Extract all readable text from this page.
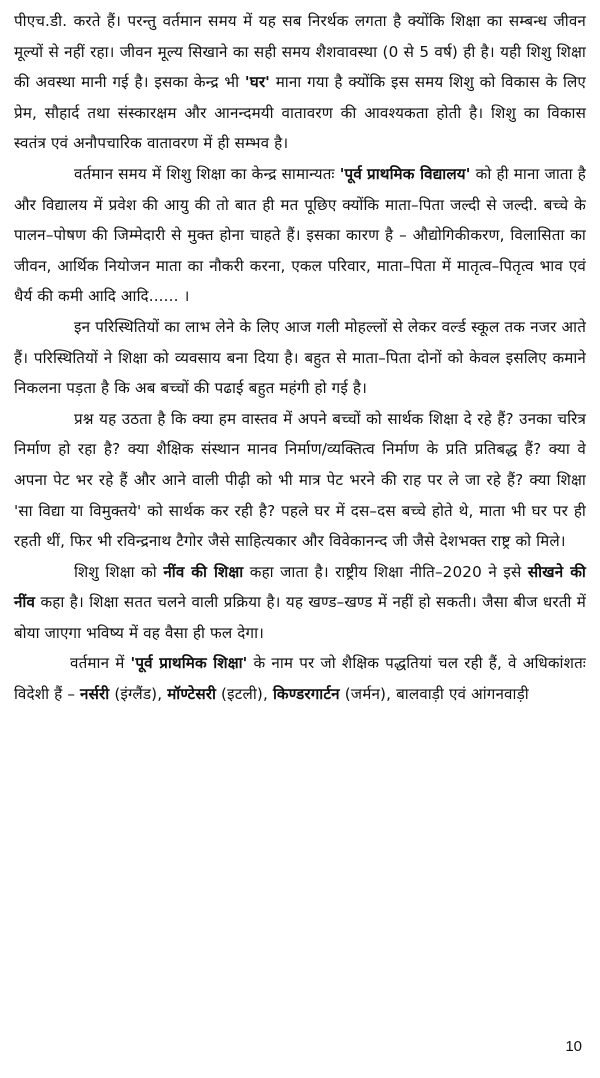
पीएच.डी. करते हैं। परन्तु वर्तमान समय में यह सब निरर्थक लगता है क्योंकि शिक्षा का सम्बन्ध जीवन मूल्यों से नहीं रहा। जीवन मूल्य सिखाने का सही समय शैशवावस्था (0 से 5 वर्ष) ही है। यही शिशु शिक्षा की अवस्था मानी गई है। इसका केन्द्र भी 'घर' माना गया है क्योंकि इस समय शिशु को विकास के लिए प्रेम, सौहार्द तथा संस्कारक्षम और आनन्दमयी वातावरण की आवश्यकता होती है। शिशु का विकास स्वतंत्र एवं अनौपचारिक वातावरण में ही सम्भव है।

वर्तमान समय में शिशु शिक्षा का केन्द्र सामान्यतः 'पूर्व प्राथमिक विद्यालय' को ही माना जाता है और विद्यालय में प्रवेश की आयु की तो बात ही मत पूछिए क्योंकि माता–पिता जल्दी से जल्दी. बच्चे के पालन–पोषण की जिम्मेदारी से मुक्त होना चाहते हैं। इसका कारण है – औद्योगिकीकरण, विलासिता का जीवन, आर्थिक नियोजन माता का नौकरी करना, एकल परिवार, माता–पिता में मातृत्व–पितृत्व भाव एवं धैर्य की कमी आदि आदि...... ।

इन परिस्थितियों का लाभ लेने के लिए आज गली मोहल्लों से लेकर वर्ल्ड स्कूल तक नजर आते हैं। परिस्थितियों ने शिक्षा को व्यवसाय बना दिया है। बहुत से माता–पिता दोनों को केवल इसलिए कमाने निकलना पड़ता है कि अब बच्चों की पढाई बहुत महंगी हो गई है।

प्रश्न यह उठता है कि क्या हम वास्तव में अपने बच्चों को सार्थक शिक्षा दे रहे हैं? उनका चरित्र निर्माण हो रहा है? क्या शैक्षिक संस्थान मानव निर्माण/व्यक्तित्व निर्माण के प्रति प्रतिबद्ध हैं? क्या वे अपना पेट भर रहे हैं और आने वाली पीढ़ी को भी मात्र पेट भरने की राह पर ले जा रहे हैं? क्या शिक्षा 'सा विद्या या विमुक्तये' को सार्थक कर रही है? पहले घर में दस–दस बच्चे होते थे, माता भी घर पर ही रहती थीं, फिर भी रविन्द्रनाथ टैगोर जैसे साहित्यकार और विवेकानन्द जी जैसे देशभक्त राष्ट्र को मिले।

शिशु शिक्षा को नींव की शिक्षा कहा जाता है। राष्ट्रीय शिक्षा नीति–2020 ने इसे सीखने की नींव कहा है। शिक्षा सतत चलने वाली प्रक्रिया है। यह खण्ड–खण्ड में नहीं हो सकती। जैसा बीज धरती में बोया जाएगा भविष्य में वह वैसा ही फल देगा।

वर्तमान में 'पूर्व प्राथमिक शिक्षा' के नाम पर जो शैक्षिक पद्धतियां चल रही हैं, वे अधिकांशतः विदेशी हैं – नर्सरी (इंग्लैंड), मॉण्टेसरी (इटली), किण्डरगार्टन (जर्मन), बालवाड़ी एवं आंगनवाड़ी

10
